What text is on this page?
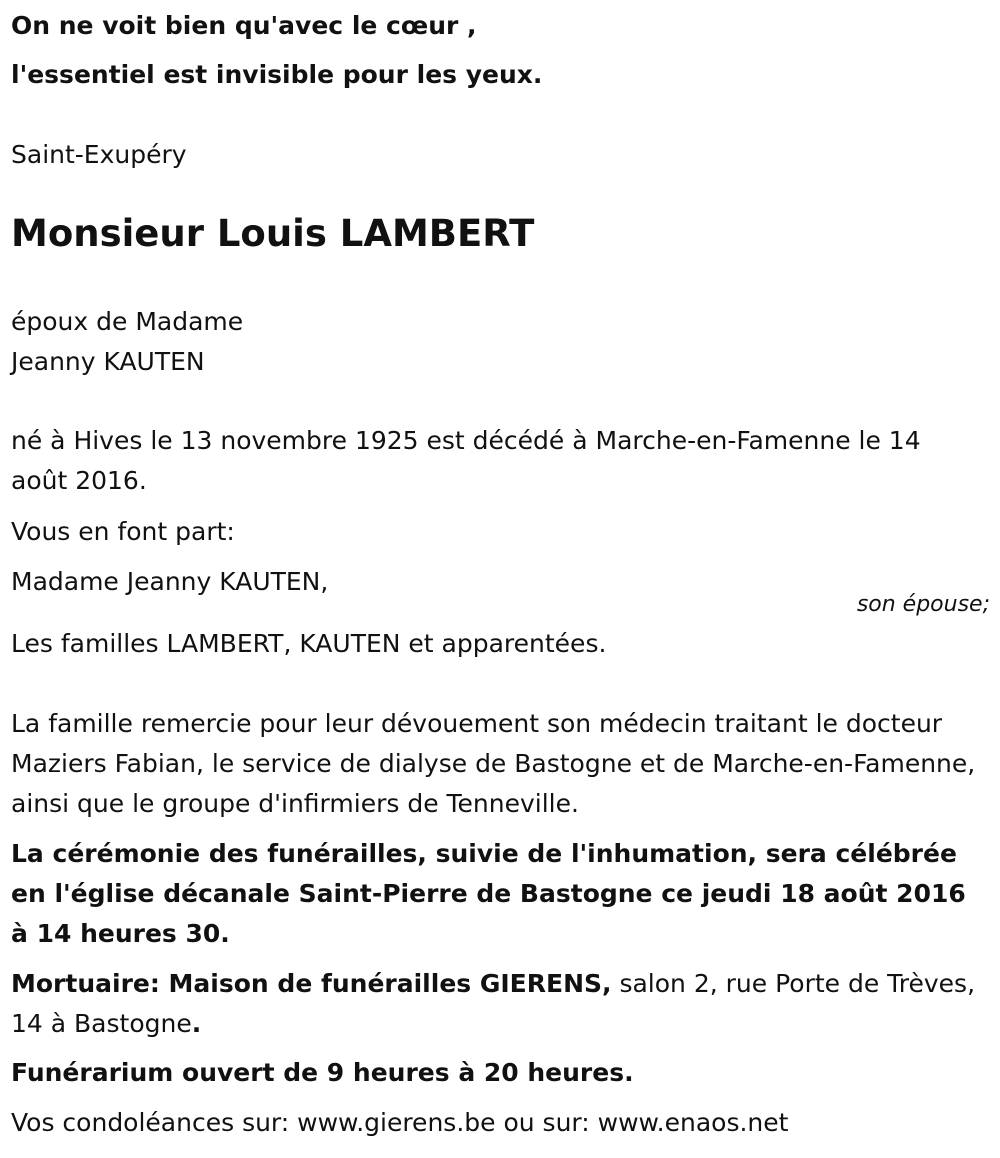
On ne voit bien qu'avec le cœur ,

l'essentiel est invisible pour les yeux.

Saint-Exupéry

Monsieur Louis LAMBERT

époux de Madame

Jeanny KAUTEN

né à Hives le 13 novembre 1925 est décédé à Marche-en-Famenne le 14 août 2016.

Vous en font part:

Madame Jeanny KAUTEN,

son épouse;

Les familles LAMBERT, KAUTEN et apparentées.

La famille remercie pour leur dévouement son médecin traitant le docteur Maziers Fabian, le service de dialyse de Bastogne et de Marche-en-Famenne, ainsi que le groupe d'infirmiers de Tenneville.

La cérémonie des funérailles, suivie de l'inhumation, sera célébrée en l'église décanale Saint-Pierre de Bastogne ce jeudi 18 août 2016 à 14 heures 30.

Mortuaire: Maison de funérailles GIERENS, salon 2, rue Porte de Trèves, 14 à Bastogne.

Funérarium ouvert de 9 heures à 20 heures.

Vos condoléances sur: www.gierens.be ou sur: www.enaos.net
